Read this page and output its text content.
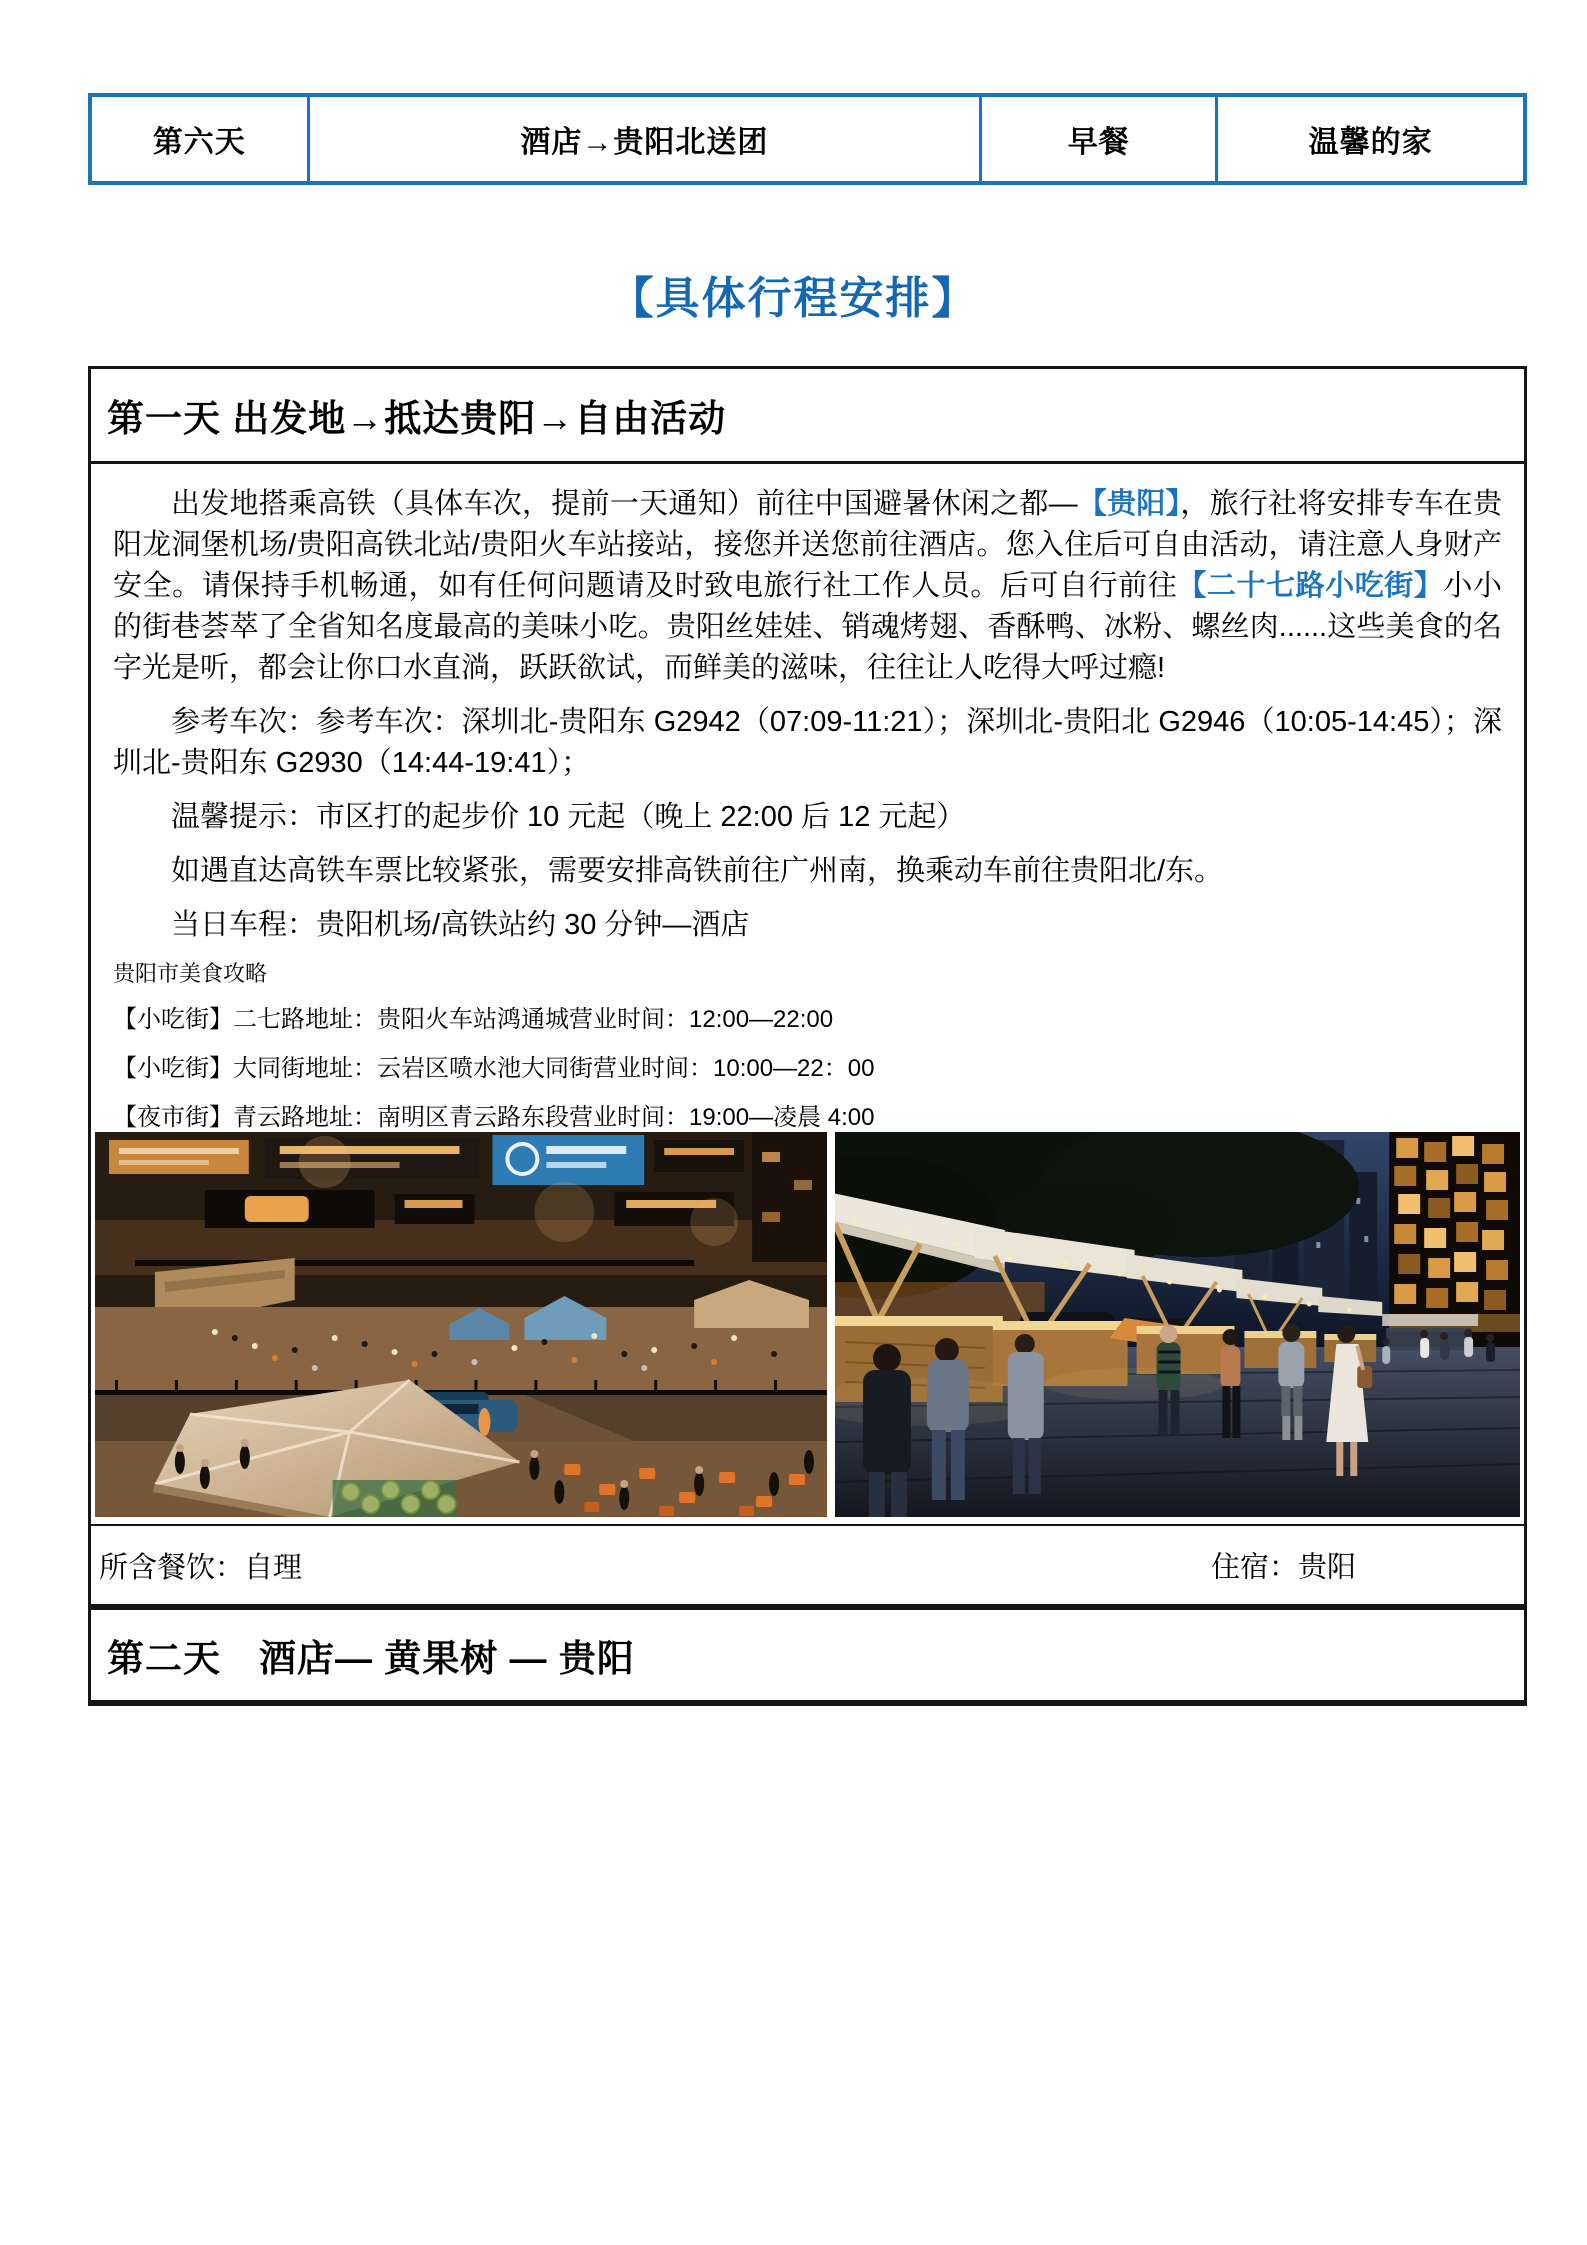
第六天	酒店→贵阳北送团	早餐	温馨的家
【具体行程安排】
第一天 出发地→抵达贵阳→自由活动

出发地搭乘高铁（具体车次，提前一天通知）前往中国避暑休闲之都—【贵阳】，旅行社将安排专车在贵阳龙洞堡机场/贵阳高铁北站/贵阳火车站接站，接您并送您前往酒店。您入住后可自由活动，请注意人身财产安全。请保持手机畅通，如有任何问题请及时致电旅行社工作人员。后可自行前往【二十七路小吃街】小小的街巷荟萃了全省知名度最高的美味小吃。贵阳丝娃娃、销魂烤翅、香酥鸭、冰粉、螺丝肉......这些美食的名字光是听，都会让你口水直淌，跃跃欲试，而鲜美的滋味，往往让人吃得大呼过瘾!

参考车次：参考车次：深圳北-贵阳东 G2942（07:09-11:21）；深圳北-贵阳北 G2946（10:05-14:45）；深圳北-贵阳东 G2930（14:44-19:41）；

温馨提示：市区打的起步价 10 元起（晚上 22:00 后 12 元起）

如遇直达高铁车票比较紧张，需要安排高铁前往广州南，换乘动车前往贵阳北/东。

当日车程：贵阳机场/高铁站约 30 分钟—酒店

贵阳市美食攻略

【小吃街】二七路地址：贵阳火车站鸿通城营业时间：12:00—22:00

【小吃街】大同街地址：云岩区喷水池大同街营业时间：10:00—22：00

【夜市街】青云路地址：南明区青云路东段营业时间：19:00—凌晨 4:00

所含餐饮：自理	住宿：贵阳
第二天　酒店— 黄果树 — 贵阳
